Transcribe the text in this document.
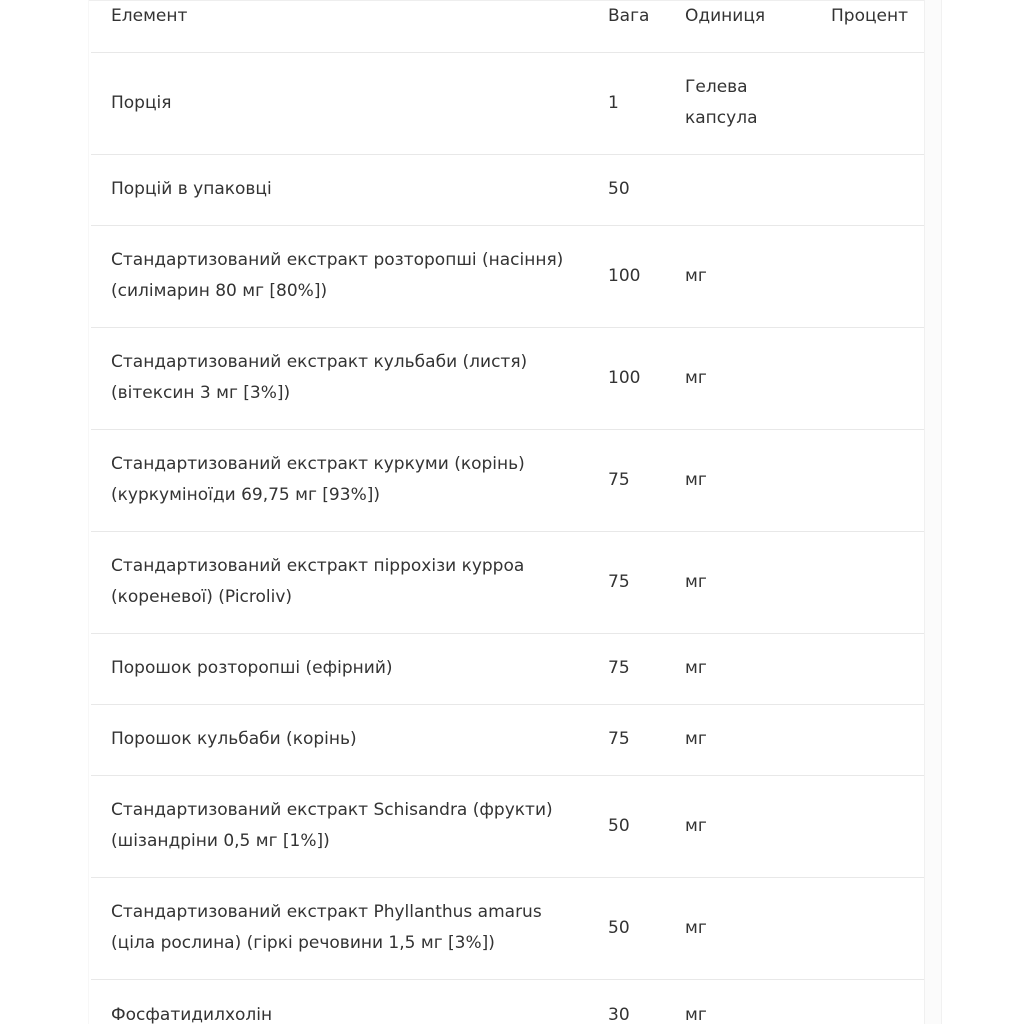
Елемент	Вага	Одиниця	Процент
Порція	1	Гелева
капсула	
Порцій в упаковці	50		
Стандартизований екстракт розторопші (насіння)
(силімарин 80 мг [80%])	100	мг	
Стандартизований екстракт кульбаби (листя)
(вітексин 3 мг [3%])	100	мг	
Стандартизований екстракт куркуми (корінь)
(куркуміноїди 69,75 мг [93%])	75	мг	
Стандартизований екстракт піррохізи курроа
(кореневої) (Picroliv)	75	мг	
Порошок розторопші (ефірний)	75	мг	
Порошок кульбаби (корінь)	75	мг	
Стандартизований екстракт Schisandra (фрукти)
(шізандріни 0,5 мг [1%])	50	мг	
Стандартизований екстракт Phyllanthus amarus
(ціла рослина) (гіркі речовини 1,5 мг [3%])	50	мг	
Фосфатидилхолін	30	мг	
